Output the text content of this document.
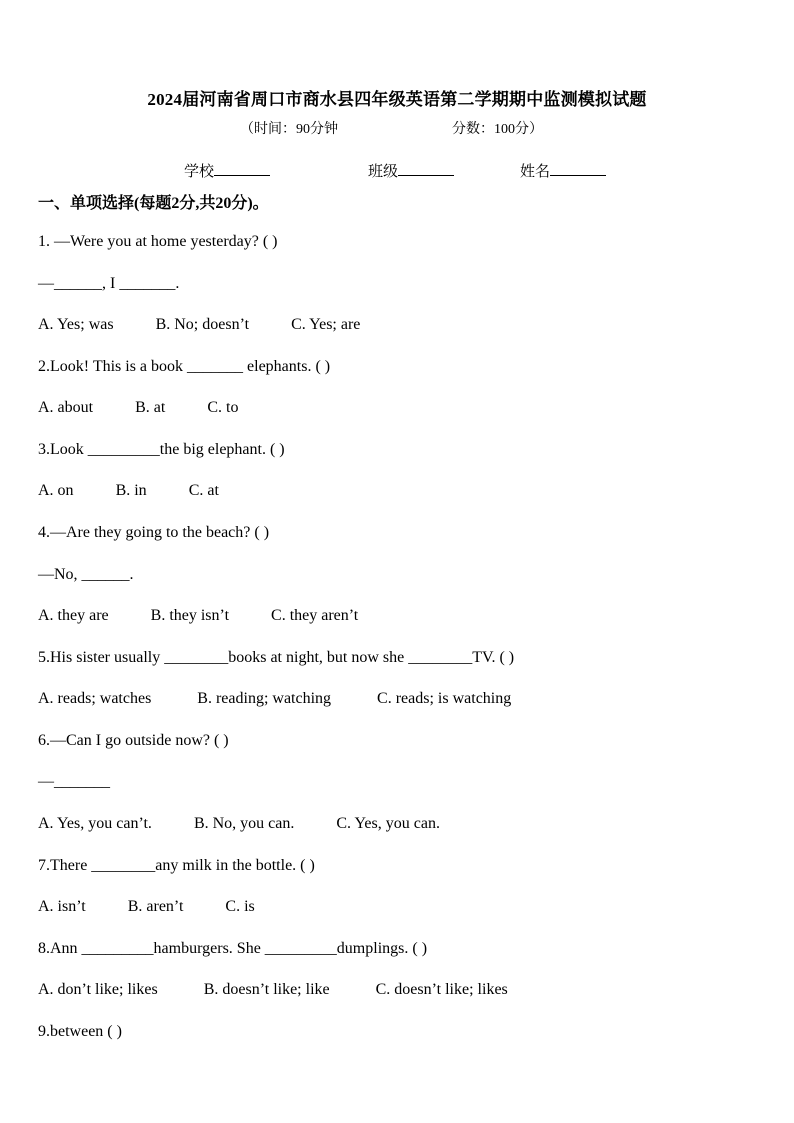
2024届河南省周口市商水县四年级英语第二学期期中监测模拟试题
（时间：90分钟	分数：100分）
学校	班级	姓名
一、单项选择(每题2分,共20分)。
1. —Were you at home yesterday? ( )
—______, I _______.
A. Yes; was	B. No; doesn’t	C. Yes; are
2.Look! This is a book _______ elephants. ( )
A. about	B. at	C. to
3.Look _________the big elephant. ( )
A. on	B. in	C. at
4.—Are they going to the beach? ( )
—No, ______.
A. they are	B. they isn’t	C. they aren’t
5.His sister usually ________books at night, but now she ________TV. ( )
A. reads; watches	B. reading; watching	C. reads; is watching
6.—Can I go outside now? ( )
—_______
A. Yes, you can’t.	B. No, you can.	C. Yes, you can.
7.There ________any milk in the bottle. ( )
A. isn’t	B. aren’t	C. is
8.Ann _________hamburgers. She _________dumplings. ( )
A. don’t like; likes	B. doesn’t like; like	C. doesn’t like; likes
9.between ( )
